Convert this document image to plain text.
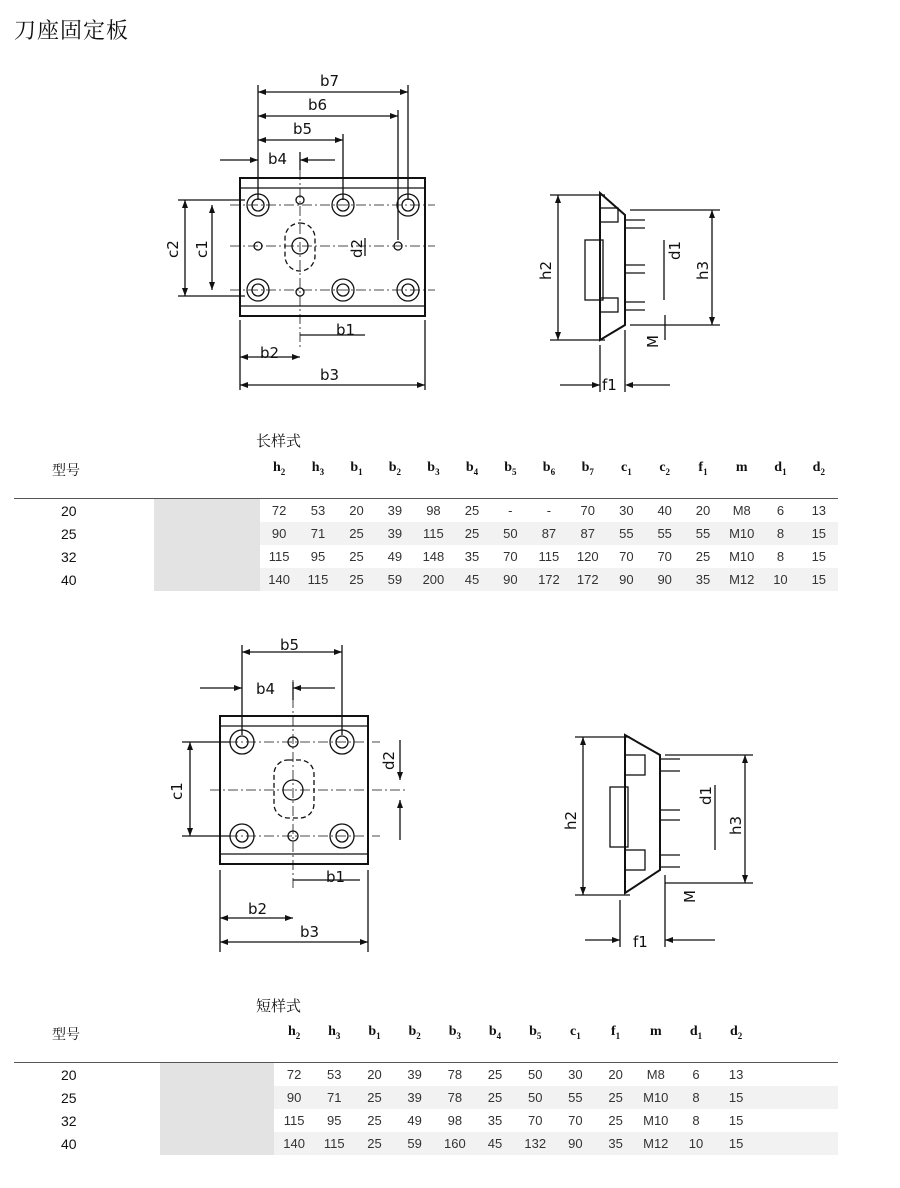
刀座固定板
b7
b6
b5
b4
c2 c1	d2
b1
b2
b3
h2
d1
h3
M
f1
长样式
型号		$h_2$	$h_3$	$b_1$	$b_2$	$b_3$	$b_4$	$b_5$	$b_6$	$b_7$	$c_1$	$c_2$	$f_1$	m	$d_1$	$d_2$

20		72	53	20	39	98	25	-	-	70	30	40	20	M8	6	13
25		90	71	25	39	115	25	50	87	87	55	55	55	M10	8	15
32		115	95	25	49	148	35	70	115	120	70	70	25	M10	8	15
40		140	115	25	59	200	45	90	172	172	90	90	35	M12	10	15
b5
b4
c1
d2
b1
b2
b3
h2
d1
h3
M
f1
短样式
型号		$h_2$	$h_3$	$b_1$	$b_2$	$b_3$	$b_4$	$b_5$	$c_1$	$f_1$	m	$d_1$	$d_2$	

20		72	53	20	39	78	25	50	30	20	M8	6	13	
25		90	71	25	39	78	25	50	55	25	M10	8	15	
32		115	95	25	49	98	35	70	70	25	M10	8	15	
40		140	115	25	59	160	45	132	90	35	M12	10	15	
